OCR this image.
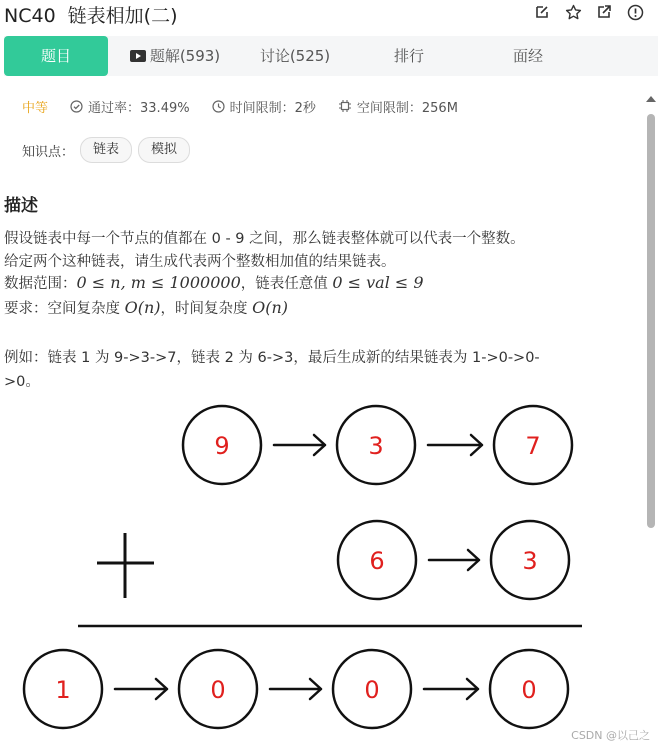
NC40 链表相加(二)
题目	题解(593)	讨论(525)	排行	面经
中等	通过率：33.49%	时间限制：2秒	空间限制：256M
知识点：	链表	模拟
描述
假设链表中每一个节点的值都在 0 - 9 之间，那么链表整体就可以代表一个整数。
给定两个这种链表，请生成代表两个整数相加值的结果链表。
数据范围：0 ≤ n, m ≤ 1000000，链表任意值 0 ≤ val ≤ 9
要求：空间复杂度 O(n)，时间复杂度 O(n)
例如：链表 1 为 9->3->7，链表 2 为 6->3，最后生成新的结果链表为 1->0->0-
>0。
9	3	7
6	3
1	0	0	0
CSDN @以己之
